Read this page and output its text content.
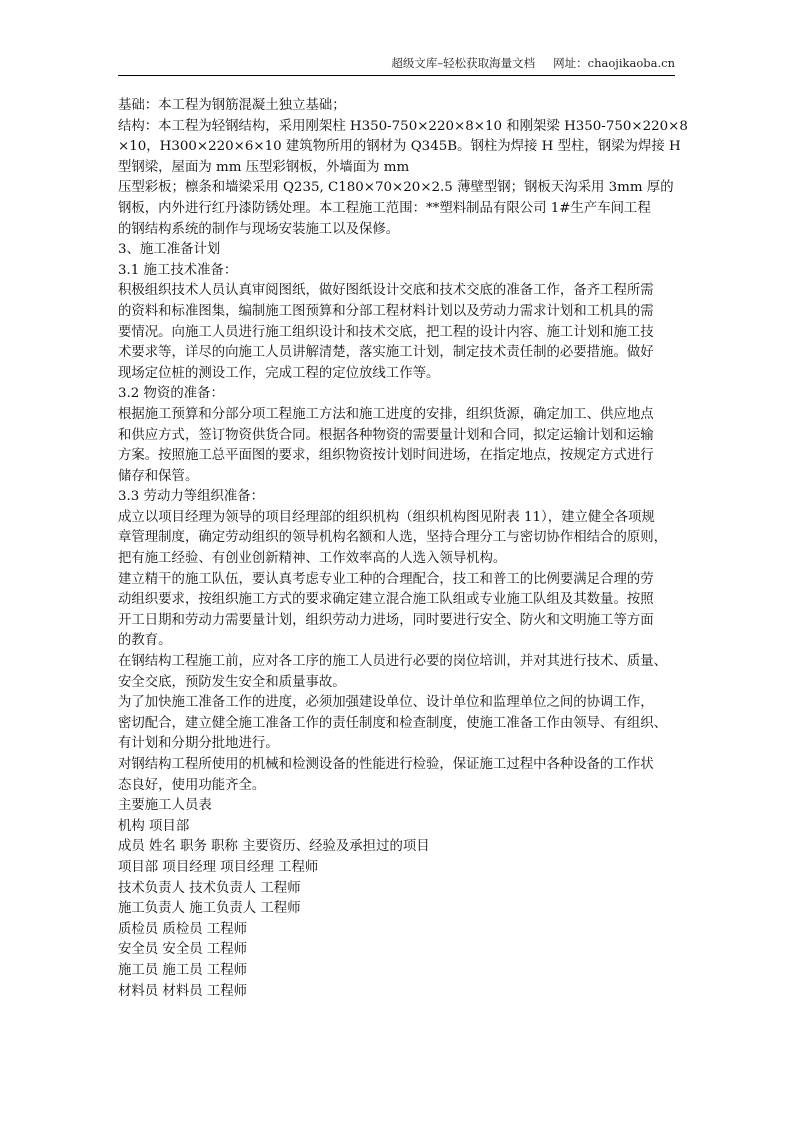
超级文库–轻松获取海量文档 网址：chaojikaoba.cn
基础：本工程为钢筋混凝土独立基础；
结构：本工程为轻钢结构，采用刚架柱 H350-750×220×8×10 和刚架梁 H350-750×220×8
×10，H300×220×6×10 建筑物所用的钢材为 Q345B。钢柱为焊接 H 型柱，钢梁为焊接 H
型钢梁，屋面为 mm 压型彩钢板，外墙面为 mm
压型彩板；檩条和墙梁采用 Q235, C180×70×20×2.5 薄壁型钢；钢板天沟采用 3mm 厚的
钢板，内外进行红丹漆防锈处理。本工程施工范围：**塑料制品有限公司 1#生产车间工程
的钢结构系统的制作与现场安装施工以及保修。
3、施工准备计划
3.1 施工技术准备：
积极组织技术人员认真审阅图纸，做好图纸设计交底和技术交底的准备工作，备齐工程所需
的资料和标准图集，编制施工图预算和分部工程材料计划以及劳动力需求计划和工机具的需
要情况。向施工人员进行施工组织设计和技术交底，把工程的设计内容、施工计划和施工技
术要求等，详尽的向施工人员讲解清楚，落实施工计划，制定技术责任制的必要措施。做好
现场定位桩的测设工作，完成工程的定位放线工作等。
3.2 物资的准备：
根据施工预算和分部分项工程施工方法和施工进度的安排，组织货源，确定加工、供应地点
和供应方式，签订物资供货合同。根据各种物资的需要量计划和合同，拟定运输计划和运输
方案。按照施工总平面图的要求，组织物资按计划时间进场，在指定地点，按规定方式进行
储存和保管。
3.3 劳动力等组织准备：
成立以项目经理为领导的项目经理部的组织机构（组织机构图见附表 11），建立健全各项规
章管理制度，确定劳动组织的领导机构名额和人选，坚持合理分工与密切协作相结合的原则，
把有施工经验、有创业创新精神、工作效率高的人选入领导机构。
建立精干的施工队伍，要认真考虑专业工种的合理配合，技工和普工的比例要满足合理的劳
动组织要求，按组织施工方式的要求确定建立混合施工队组或专业施工队组及其数量。按照
开工日期和劳动力需要量计划，组织劳动力进场，同时要进行安全、防火和文明施工等方面
的教育。
在钢结构工程施工前，应对各工序的施工人员进行必要的岗位培训，并对其进行技术、质量、
安全交底，预防发生安全和质量事故。
为了加快施工准备工作的进度，必须加强建设单位、设计单位和监理单位之间的协调工作，
密切配合，建立健全施工准备工作的责任制度和检查制度，使施工准备工作由领导、有组织、
有计划和分期分批地进行。
对钢结构工程所使用的机械和检测设备的性能进行检验，保证施工过程中各种设备的工作状
态良好，使用功能齐全。
主要施工人员表
机构 项目部
成员 姓名 职务 职称 主要资历、经验及承担过的项目
项目部 项目经理 项目经理 工程师
技术负责人 技术负责人 工程师
施工负责人 施工负责人 工程师
质检员 质检员 工程师
安全员 安全员 工程师
施工员 施工员 工程师
材料员 材料员 工程师
